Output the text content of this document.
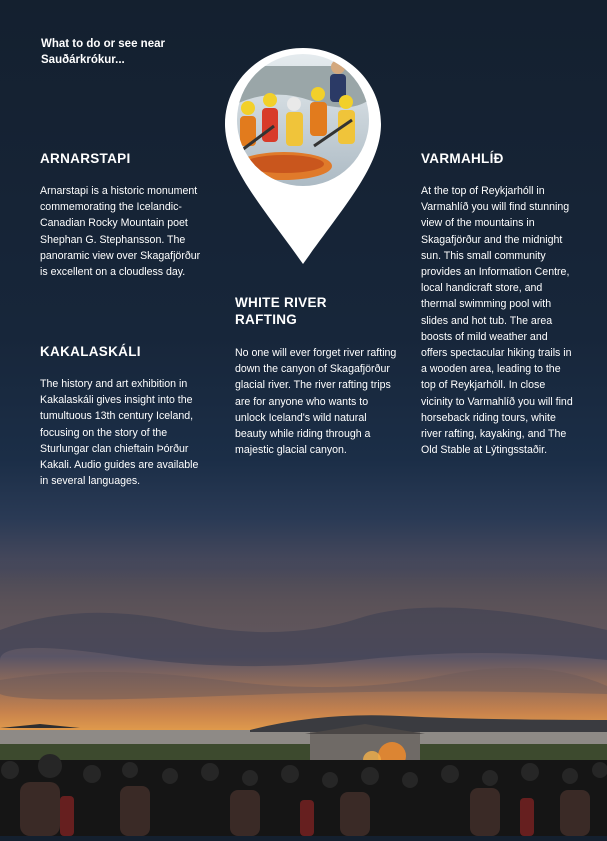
What to do or see near Sauðárkrókur...
ARNARSTAPI

Arnarstapi is a historic monument commemorating the Icelandic-Canadian Rocky Mountain poet Shephan G. Stephansson. The panoramic view over Skagafjörður is excellent on a cloudless day.

KAKALASKÁLI

The history and art exhibition in Kakalaskáli gives insight into the tumultuous 13th century Iceland, focusing on the story of the Sturlungar clan chieftain Þórður Kakali. Audio guides are available in several languages.

WHITE RIVER RAFTING

No one will ever forget river rafting down the canyon of Skagafjörður glacial river. The river rafting trips are for anyone who wants to unlock Iceland's wild natural beauty while riding through a majestic glacial canyon.

VARMAHLÍÐ

At the top of Reykjarhóll in Varmahlíð you will find stunning view of the mountains in Skagafjörður and the midnight sun. This small community provides an Information Centre, local handicraft store, and thermal swimming pool with slides and hot tub. The area boosts of mild weather and offers spectacular hiking trails in a wooden area, leading to the top of Reykjarhóll. In close vicinity to Varmahlíð you will find horseback riding tours, white river rafting, kayaking, and The Old Stable at Lýtingsstaðir.
